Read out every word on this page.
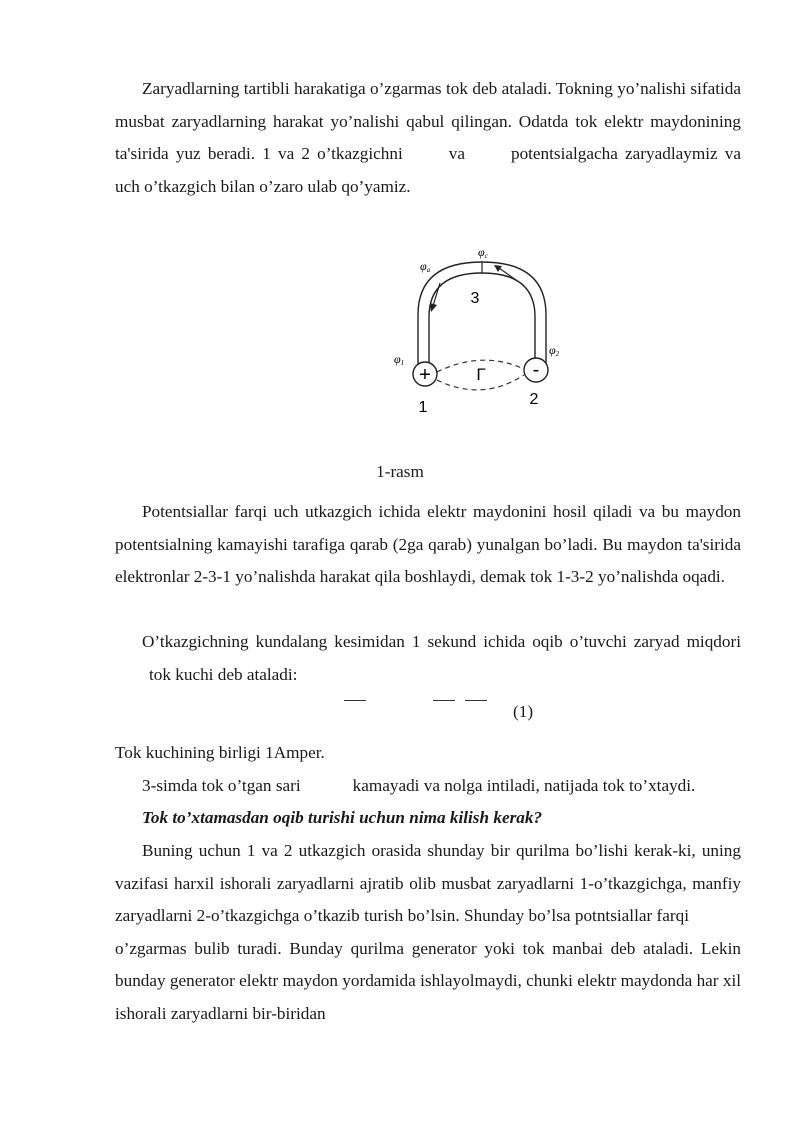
Zaryadlarning tartibli harakatiga o’zgarmas tok deb ataladi. Tokning yo’nalishi sifatida musbat zaryadlarning harakat yo’nalishi qabul qilingan. Odatda tok elektr maydonining ta'sirida yuz beradi. 1 va 2 o’tkazgichni	va	potentsialgacha zaryadlaymiz va uch o’tkazgich bilan o’zaro ulab qo’yamiz.

+	-
Γ
3
1	2
φa
φc
φ1
φ2
1-rasm

Potentsiallar farqi uch utkazgich ichida elektr maydonini hosil qiladi va bu maydon potentsialning kamayishi tarafiga qarab (2ga qarab) yunalgan bo’ladi. Bu maydon ta'sirida elektronlar 2-3-1 yo’nalishda harakat qila boshlaydi, demak tok 1-3-2 yo’nalishda oqadi.

O’tkazgichning kundalang kesimidan 1 sekund ichida oqib o’tuvchi zaryad miqdoritok kuchi deb ataladi:

(1)

Tok kuchining birligi 1Amper.

3-simda tok o’tgan sari	kamayadi va nolga intiladi, natijada tok to’xtaydi.

Tok to’xtamasdan oqib turishi uchun nima kilish kerak?

Buning uchun 1 va 2 utkazgich orasida shunday bir qurilma bo’lishi kerak-ki, uning vazifasi harxil ishorali zaryadlarni ajratib olib musbat zaryadlarni 1-o’tkazgichga, manfiy zaryadlarni 2-o’tkazgichga o’tkazib turish bo’lsin. Shunday bo’lsa potntsiallar farqio’zgarmas bulib turadi. Bunday qurilma generator yoki tok manbai deb ataladi. Lekin bunday generator elektr maydon yordamida ishlayolmaydi, chunki elektr maydonda har xil ishorali zaryadlarni bir-biridan
